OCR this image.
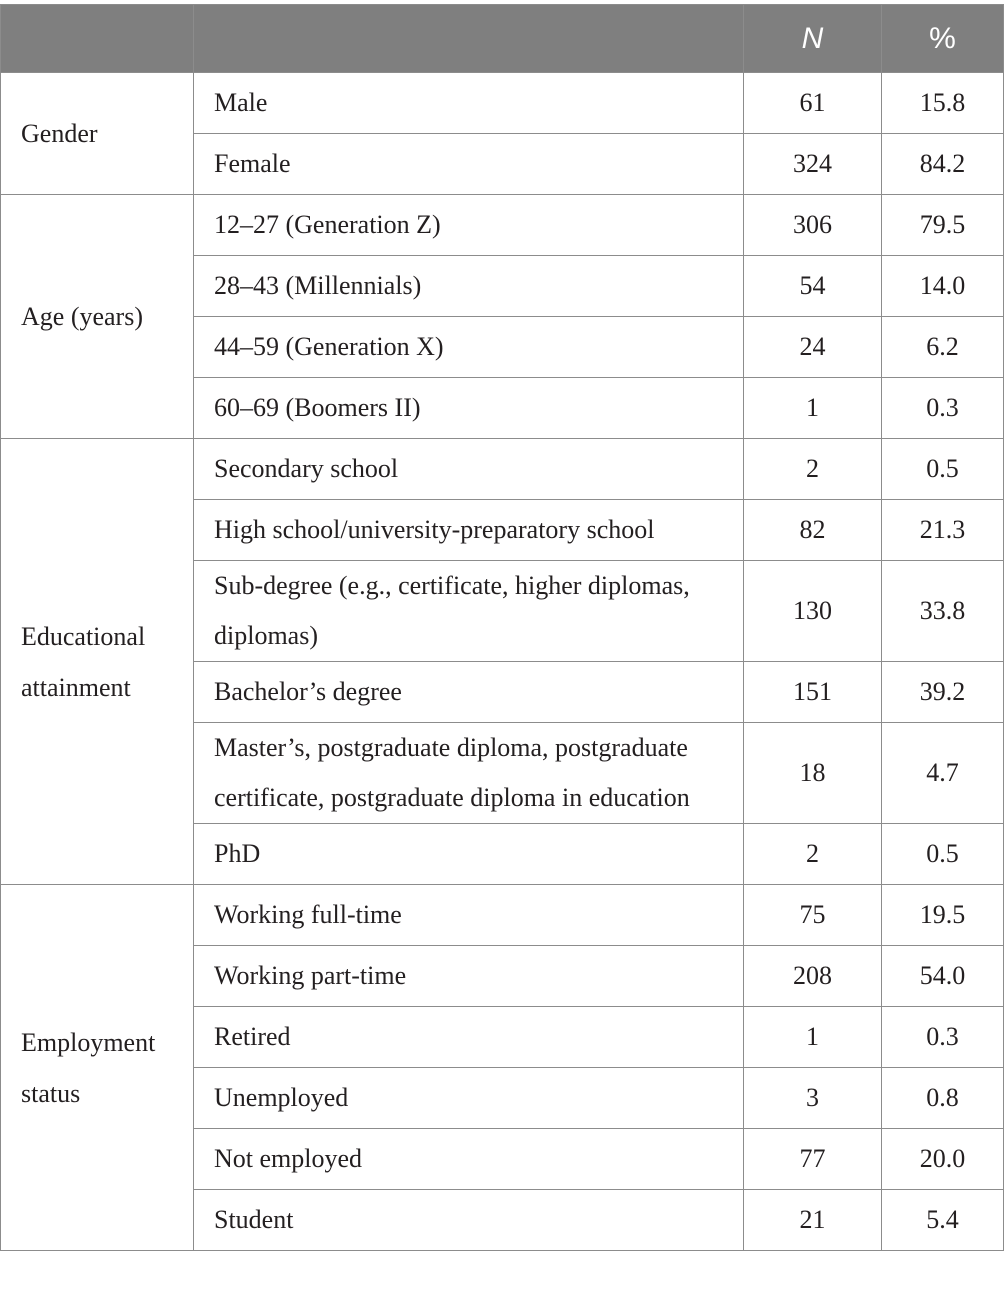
		N	%
Gender	Male	61	15.8
	Female	324	84.2
Age (years)	12–27 (Generation Z)	306	79.5
	28–43 (Millennials)	54	14.0
	44–59 (Generation X)	24	6.2
	60–69 (Boomers II)	1	0.3
Educational attainment	Secondary school	2	0.5
	High school/university-preparatory school	82	21.3
	Sub-degree (e.g., certificate, higher diplomas, diplomas)	130	33.8
	Bachelor’s degree	151	39.2
	Master’s, postgraduate diploma, postgraduate certificate, postgraduate diploma in education	18	4.7
	PhD	2	0.5
Employment status	Working full-time	75	19.5
	Working part-time	208	54.0
	Retired	1	0.3
	Unemployed	3	0.8
	Not employed	77	20.0
	Student	21	5.4
